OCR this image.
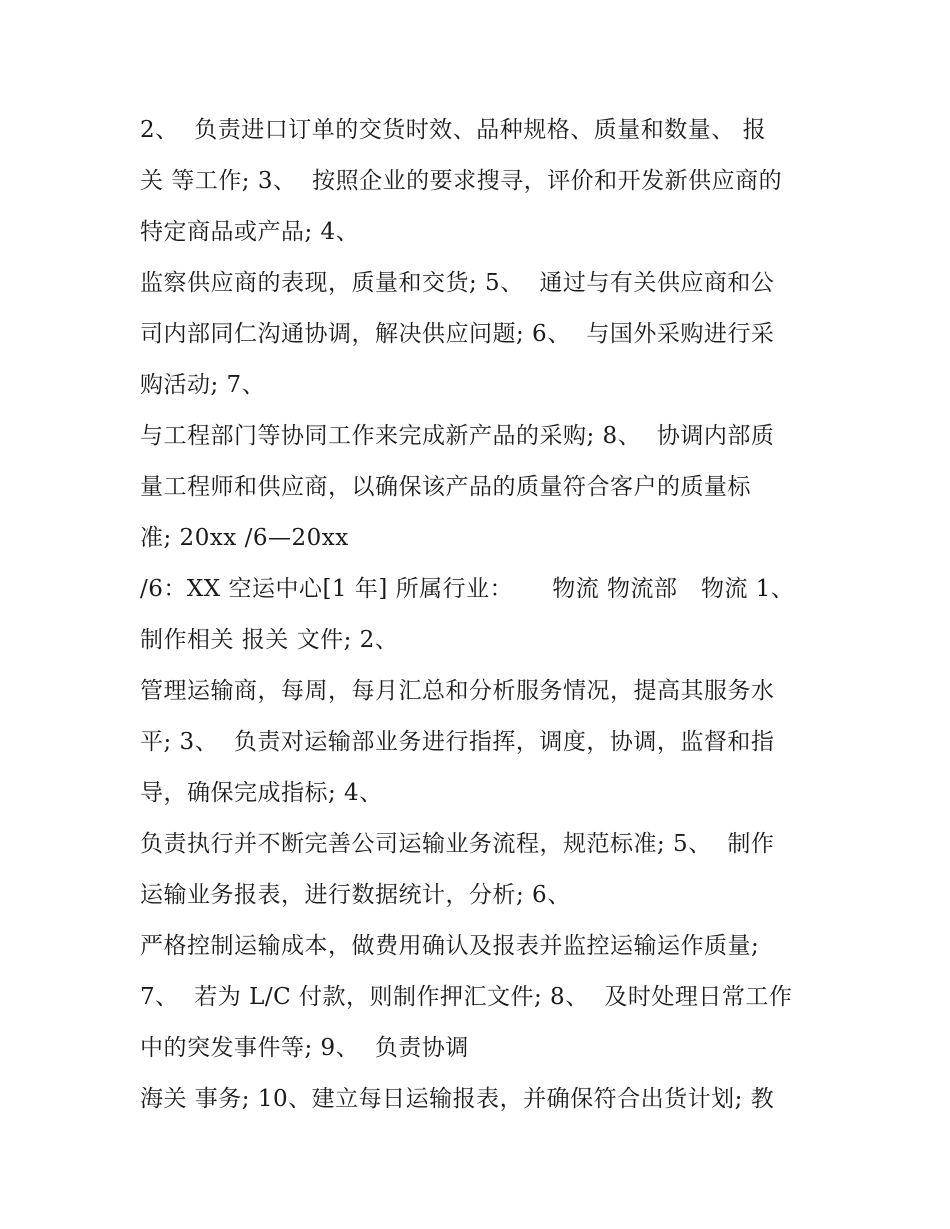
2、  负责进口订单的交货时效、品种规格、质量和数量、 报
关 等工作; 3、  按照企业的要求搜寻，评价和开发新供应商的
特定商品或产品; 4、
监察供应商的表现，质量和交货; 5、  通过与有关供应商和公
司内部同仁沟通协调，解决供应问题; 6、  与国外采购进行采
购活动; 7、
与工程部门等协同工作来完成新产品的采购; 8、  协调内部质
量工程师和供应商，以确保该产品的质量符合客户的质量标
准; 20xx /6—20xx
/6：XX 空运中心[1 年] 所属行业：     物流 物流部   物流 1、
制作相关 报关 文件; 2、
管理运输商，每周，每月汇总和分析服务情况，提高其服务水
平; 3、  负责对运输部业务进行指挥，调度，协调，监督和指
导，确保完成指标; 4、
负责执行并不断完善公司运输业务流程，规范标准; 5、  制作
运输业务报表，进行数据统计，分析; 6、
严格控制运输成本，做费用确认及报表并监控运输运作质量;
7、  若为 L/C 付款，则制作押汇文件; 8、  及时处理日常工作
中的突发事件等; 9、  负责协调
海关 事务; 10、建立每日运输报表，并确保符合出货计划; 教
